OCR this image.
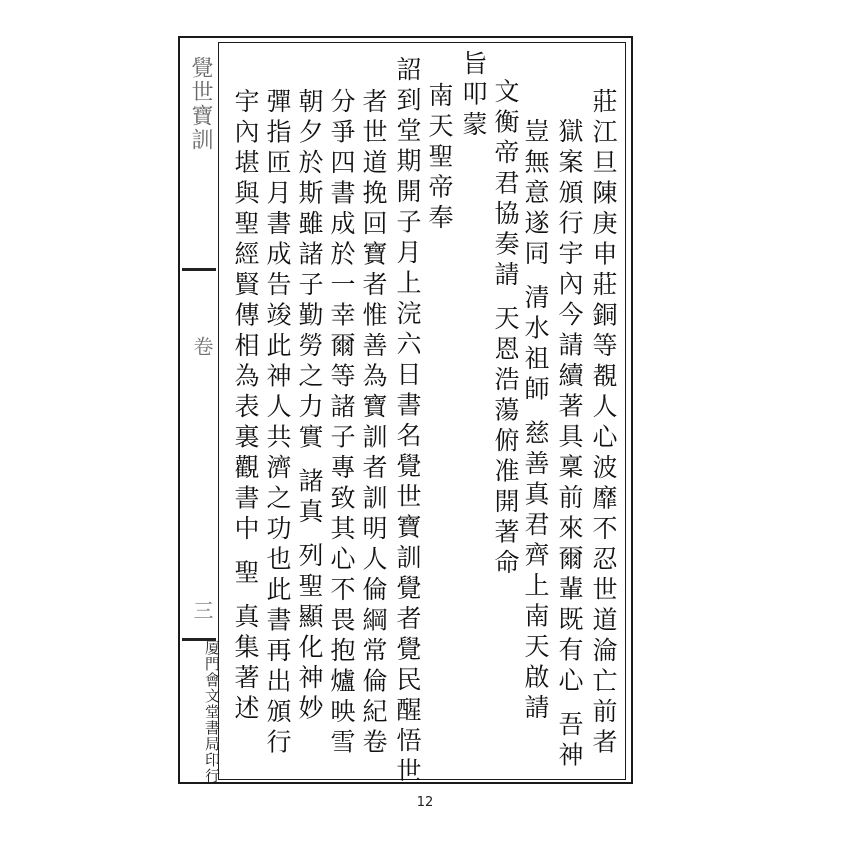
覺世寶訓
卷
三
厦門會文堂書局印行	莊江旦陳庚申莊銅等覩人心波靡不忍世道淪亡前者
獄案頒行宇內今請續著具稟前來爾輩既有心 吾神
豈無意遂同 清水祖師 慈善真君齊上南天啟請
文衡帝君協奏請 天恩浩蕩俯准開著命
旨叩蒙
南天聖帝奉
詔到堂期開子月上浣六日書名覺世寶訓覺者覺民醒悟世
者世道挽回寶者惟善為寶訓者訓明人倫綱常倫紀卷
分爭四書成於一幸爾等諸子專致其心不畏抱爐映雪
朝夕於斯雖諸子勤勞之力實 諸真 列聖顯化神妙
彈指匝月書成告竣此神人共濟之功也此書再出頒行
宇內堪與聖經賢傳相為表裏觀書中 聖 真集著述
12
